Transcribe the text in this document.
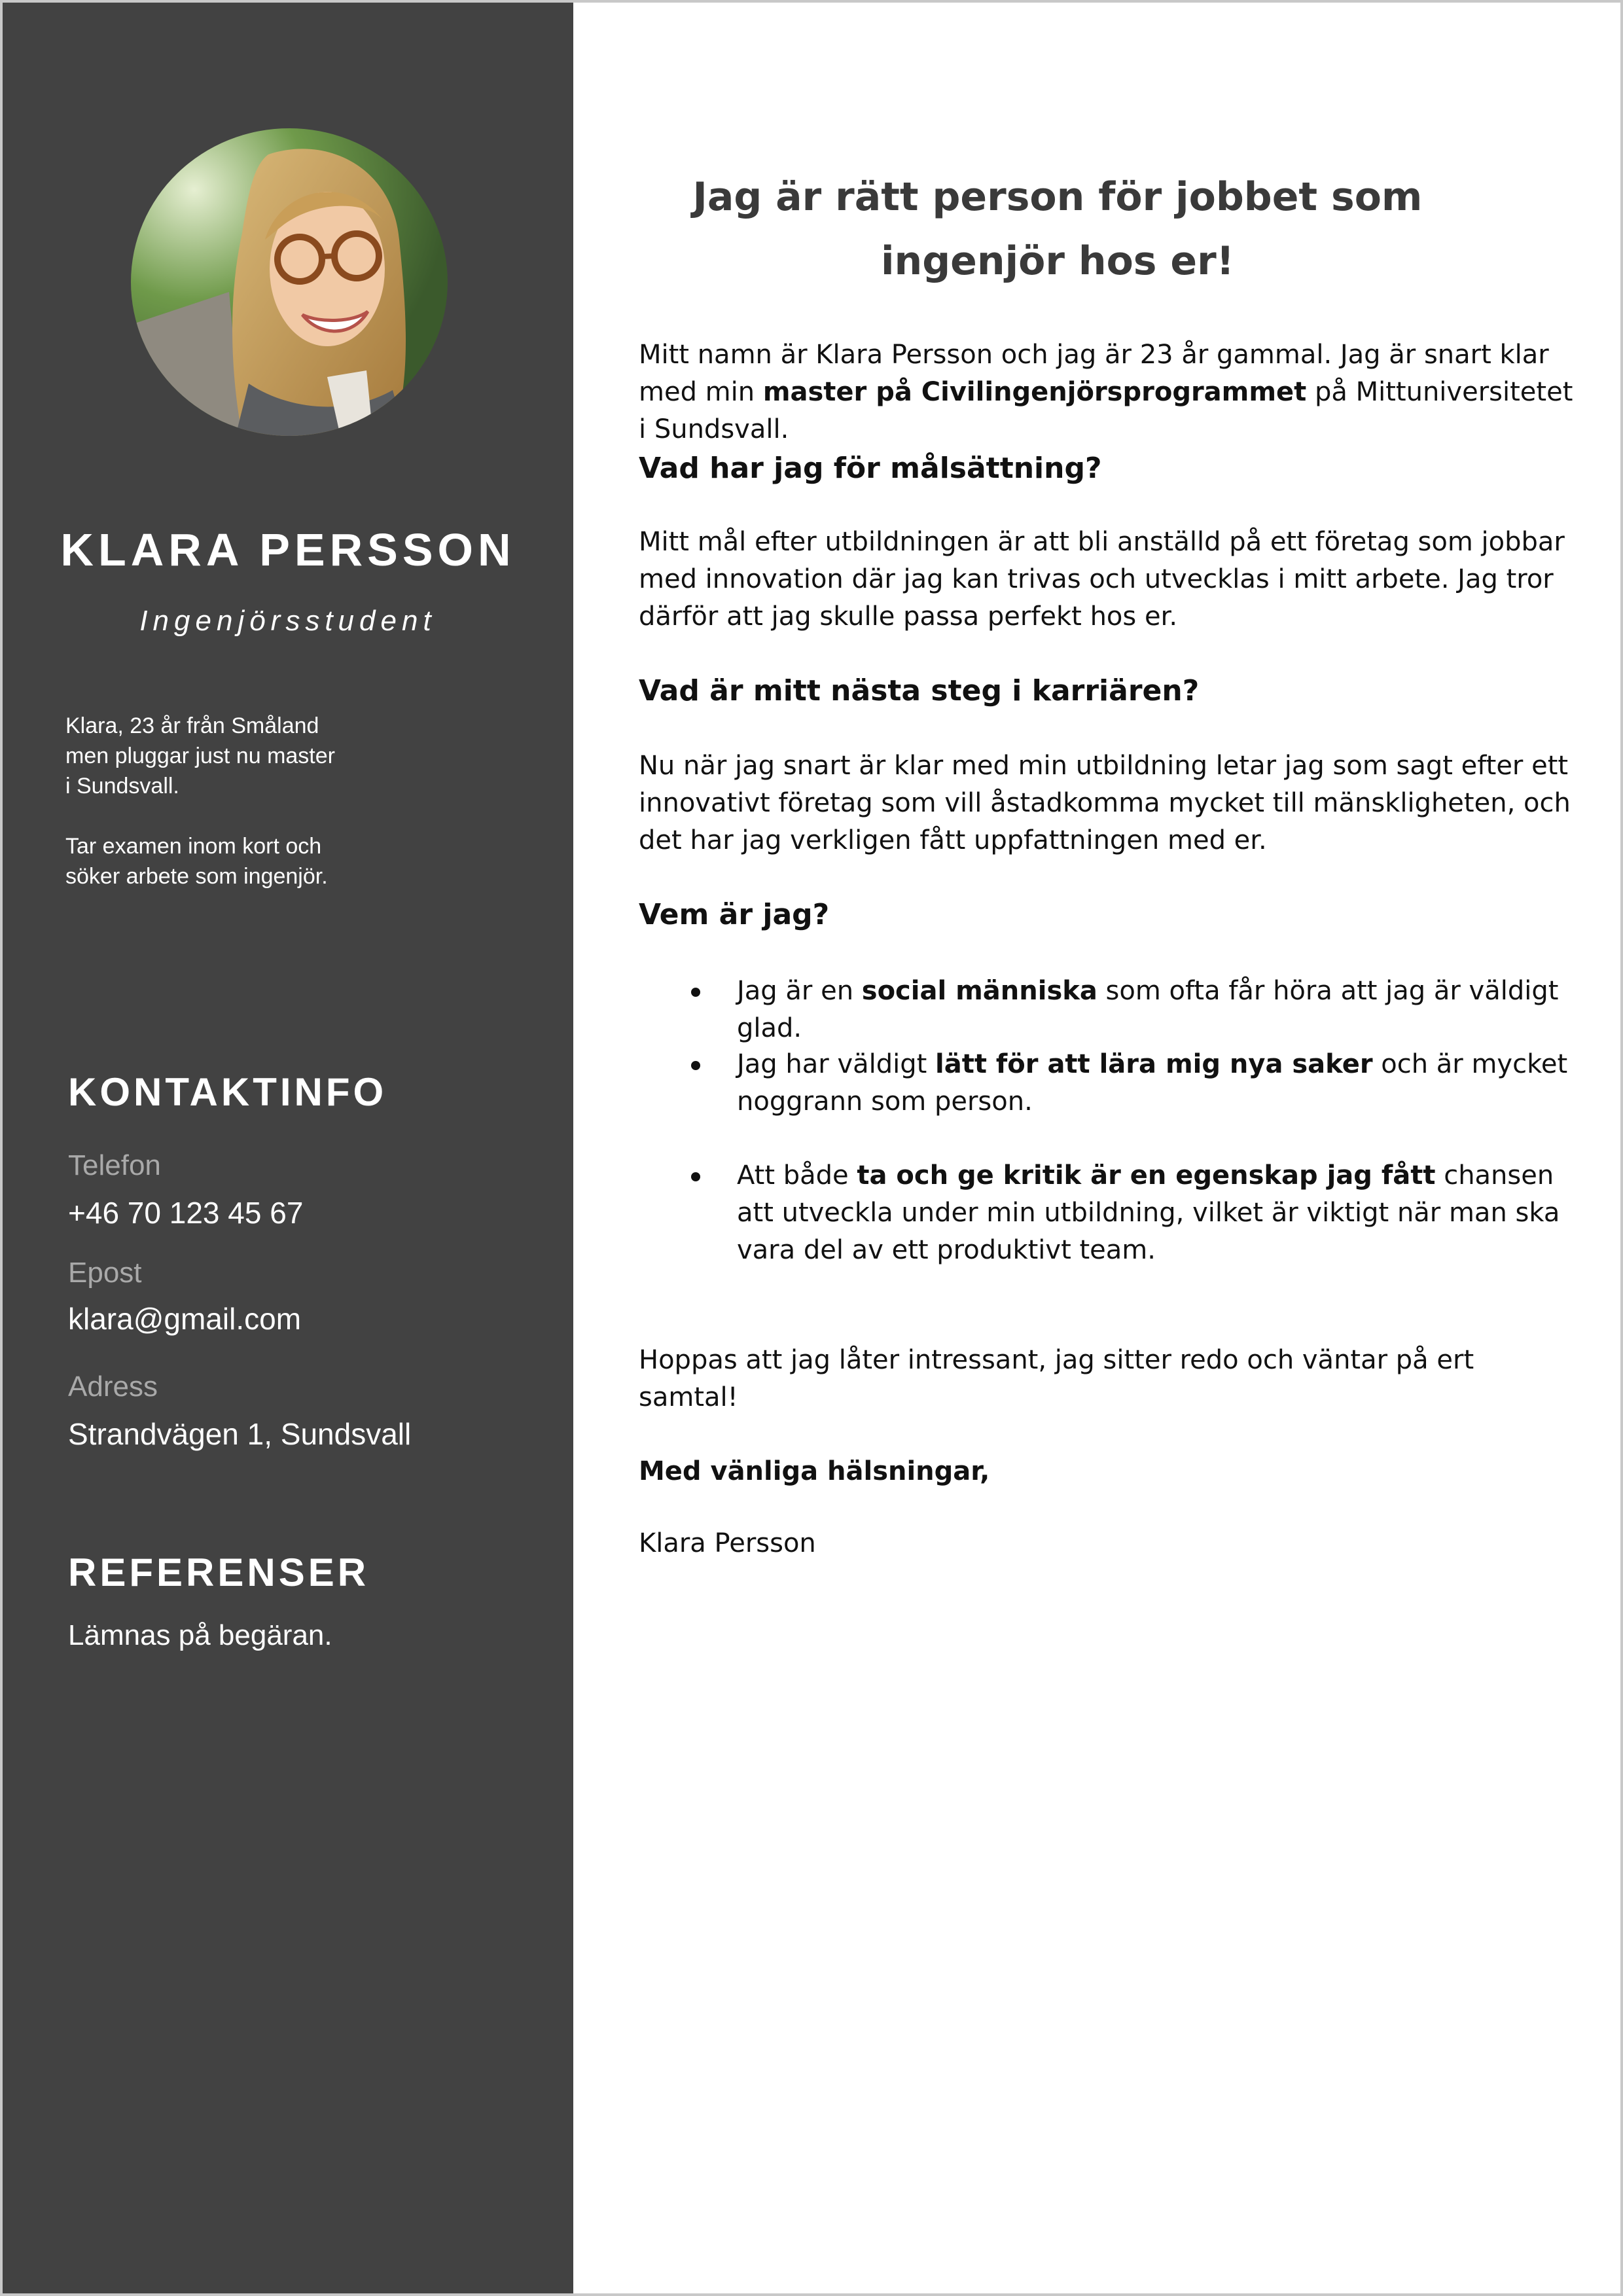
KLARA PERSSON
Ingenjörsstudent

Klara, 23 år från Småland
men pluggar just nu master
i Sundsvall.

Tar examen inom kort och
söker arbete som ingenjör.

KONTAKTINFO
Telefon
+46 70 123 45 67
Epost
klara@gmail.com
Adress
Strandvägen 1, Sundsvall
REFERENSER
Lämnas på begäran.
Jag är rätt person för jobbet som
ingenjör hos er!

Mitt namn är Klara Persson och jag är 23 år gammal. Jag är snart klar med min master på Civilingenjörsprogrammet på Mittuniversitetet i Sundsvall.

Vad har jag för målsättning?

Mitt mål efter utbildningen är att bli anställd på ett företag som jobbar med innovation där jag kan trivas och utvecklas i mitt arbete. Jag tror därför att jag skulle passa perfekt hos er.

Vad är mitt nästa steg i karriären?

Nu när jag snart är klar med min utbildning letar jag som sagt efter ett innovativt företag som vill åstadkomma mycket till mänskligheten, och det har jag verkligen fått uppfattningen med er.

Vem är jag?
Jag är en social människa som ofta får höra att jag är väldigt glad.
Jag har väldigt lätt för att lära mig nya saker och är mycket noggrann som person.
Att både ta och ge kritik är en egenskap jag fått chansen att utveckla under min utbildning, vilket är viktigt när man ska vara del av ett produktivt team.

Hoppas att jag låter intressant, jag sitter redo och väntar på ert samtal!

Med vänliga hälsningar,

Klara Persson
